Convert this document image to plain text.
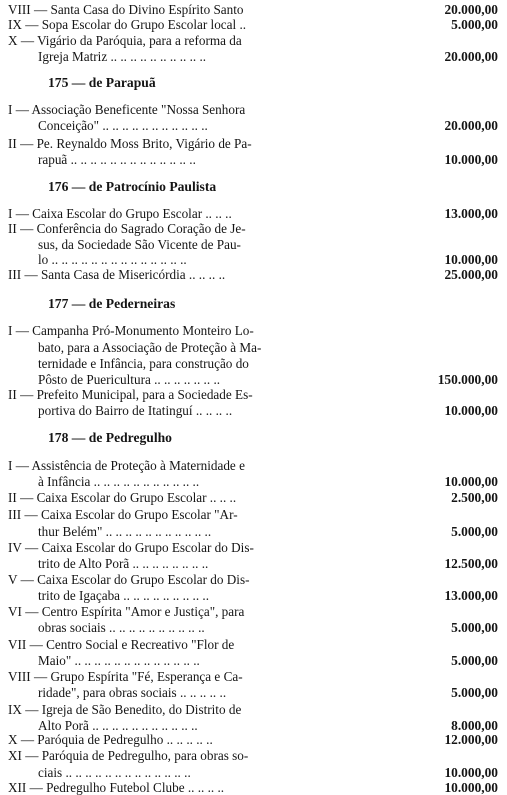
VIII — Santa Casa do Divino Espírito Santo	20.000,00
IX — Sopa Escolar do Grupo Escolar local ..	5.000,00
X — Vigário da Paróquia, para a reforma da
Igreja Matriz .. .. .. .. .. .. .. .. .. ..	20.000,00
175 — de Parapuã
I — Associação Beneficente "Nossa Senhora
Conceição" .. .. .. .. .. .. .. .. .. .. ..	20.000,00
II — Pe. Reynaldo Moss Brito, Vigário de Pa-
rapuã .. .. .. .. .. .. .. .. .. .. .. .. ..	10.000,00
176 — de Patrocínio Paulista
I — Caixa Escolar do Grupo Escolar .. .. ..	13.000,00
II — Conferência do Sagrado Coração de Je-
sus, da Sociedade São Vicente de Pau-
lo .. .. .. .. .. .. .. .. .. .. .. .. .. ..	10.000,00
III — Santa Casa de Misericórdia .. .. .. ..	25.000,00
177 — de Pederneiras
I — Campanha Pró-Monumento Monteiro Lo-
bato, para a Associação de Proteção à Ma-
ternidade e Infância, para construção do
Pôsto de Puericultura .. .. .. .. .. .. ..	150.000,00
II — Prefeito Municipal, para a Sociedade Es-
portiva do Bairro de Itatinguí .. .. .. ..	10.000,00
178 — de Pedregulho
I — Assistência de Proteção à Maternidade e
à Infância .. .. .. .. .. .. .. .. .. .. ..	10.000,00
II — Caixa Escolar do Grupo Escolar .. .. ..	2.500,00
III — Caixa Escolar do Grupo Escolar "Ar-
thur Belém" .. .. .. .. .. .. .. .. .. .. ..	5.000,00
IV — Caixa Escolar do Grupo Escolar do Dis-
trito de Alto Porã .. .. .. .. .. .. .. ..	12.500,00
V — Caixa Escolar do Grupo Escolar do Dis-
trito de Igaçaba .. .. .. .. .. .. .. .. ..	13.000,00
VI — Centro Espírita "Amor e Justiça", para
obras sociais .. .. .. .. .. .. .. .. .. ..	5.000,00
VII — Centro Social e Recreativo "Flor de
Maio" .. .. .. .. .. .. .. .. .. .. .. .. ..	5.000,00
VIII — Grupo Espírita "Fé, Esperança e Ca-
ridade", para obras sociais .. .. .. .. ..	5.000,00
IX — Igreja de São Benedito, do Distrito de
Alto Porã .. .. .. .. .. .. .. .. .. .. ..	8.000,00
X — Paróquia de Pedregulho .. .. .. .. ..	12.000,00
XI — Paróquia de Pedregulho, para obras so-
ciais .. .. .. .. .. .. .. .. .. .. .. .. ..	10.000,00
XII — Pedregulho Futebol Clube .. .. .. ..	10.000,00
